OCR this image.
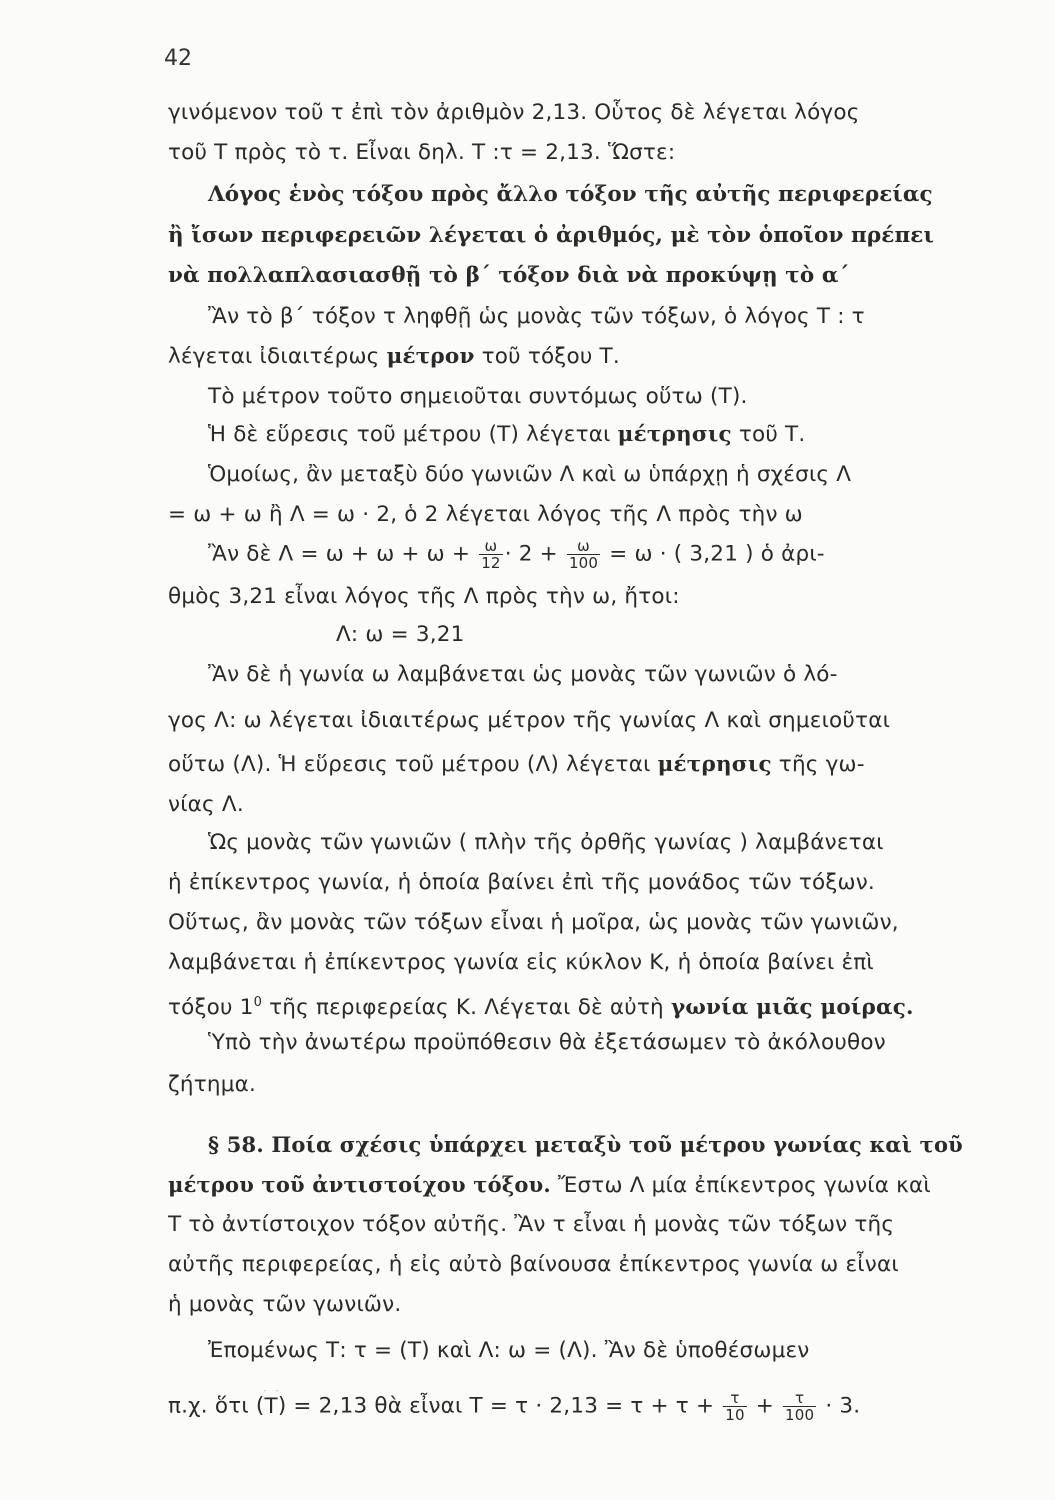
42
γινόμενον τοῦ τ ἐπὶ τὸν ἀριθμὸν 2,13. Οὗτος δὲ λέγεται λόγος
τοῦ Τ πρὸς τὸ τ. Εἶναι δηλ. Τ :τ = 2,13. Ὥστε:
Λόγος ἑνὸς τόξου πρὸς ἄλλο τόξον τῆς αὐτῆς περιφερείας
ἢ ἴσων περιφερειῶν λέγεται ὁ ἀριθμός, μὲ τὸν ὁποῖον πρέπει
νὰ πολλαπλασιασθῇ τὸ β΄ τόξον διὰ νὰ προκύψῃ τὸ α΄
Ἂν τὸ β΄ τόξον τ ληφθῇ ὡς μονὰς τῶν τόξων, ὁ λόγος Τ : τ
λέγεται ἰδιαιτέρως μέτρον τοῦ τόξου Τ.
Τὸ μέτρον τοῦτο σημειοῦται συντόμως οὕτω (Τ).
Ἡ δὲ εὕρεσις τοῦ μέτρου (Τ) λέγεται μέτρησις τοῦ Τ.
Ὁμοίως, ἂν μεταξὺ δύο γωνιῶν Λ καὶ ω ὑπάρχῃ ἡ σχέσις Λ
= ω + ω ἢ Λ = ω · 2, ὁ 2 λέγεται λόγος τῆς Λ πρὸς τὴν ω
Ἂν δὲ $\Lambda = \omega + \omega + \omega + \frac{\omega}{12} \cdot 2 + \frac{\omega}{100} = \omega$ · ( 3,21 ) ὁ ἀρι-
θμὸς 3,21 εἶναι λόγος τῆς Λ πρὸς τὴν ω, ἤτοι:
Λ: ω = 3,21
Ἂν δὲ ἡ γωνία ω λαμβάνεται ὡς μονὰς τῶν γωνιῶν ὁ λό-
γος Λ: ω λέγεται ἰδιαιτέρως μέτρον τῆς γωνίας Λ καὶ σημειοῦται
οὕτω (Λ). Ἡ εὕρεσις τοῦ μέτρου (Λ) λέγεται μέτρησις τῆς γω-
νίας Λ.
Ὡς μονὰς τῶν γωνιῶν ( πλὴν τῆς ὀρθῆς γωνίας ) λαμβάνεται
ἡ ἐπίκεντρος γωνία, ἡ ὁποία βαίνει ἐπὶ τῆς μονάδος τῶν τόξων.
Οὕτως, ἂν μονὰς τῶν τόξων εἶναι ἡ μοῖρα, ὡς μονὰς τῶν γωνιῶν,
λαμβάνεται ἡ ἐπίκεντρος γωνία εἰς κύκλον Κ, ἡ ὁποία βαίνει ἐπὶ
τόξου $1^0$ τῆς περιφερείας Κ. Λέγεται δὲ αὐτὴ γωνία μιᾶς μοίρας.
Ὑπὸ τὴν ἀνωτέρω προϋπόθεσιν θὰ ἐξετάσωμεν τὸ ἀκόλουθον
ζήτημα.
§ 58. Ποία σχέσις ὑπάρχει μεταξὺ τοῦ μέτρου γωνίας καὶ τοῦ
μέτρου τοῦ ἀντιστοίχου τόξου. Ἔστω Λ μία ἐπίκεντρος γωνία καὶ
Τ τὸ ἀντίστοιχον τόξον αὐτῆς. Ἂν τ εἶναι ἡ μονὰς τῶν τόξων τῆς
αὐτῆς περιφερείας, ἡ εἰς αὐτὸ βαίνουσα ἐπίκεντρος γωνία ω εἶναι
ἡ μονὰς τῶν γωνιῶν.
Ἐπομένως Τ: τ = (Τ) καὶ Λ: ω = (Λ). Ἂν δὲ ὑποθέσωμεν
π.χ. ὅτι (Τ) = 2,13 θὰ εἶναι $T = \tau \cdot 2,13 = \tau + \tau + \frac{\tau}{10} + \frac{\tau}{100} \cdot 3$.
